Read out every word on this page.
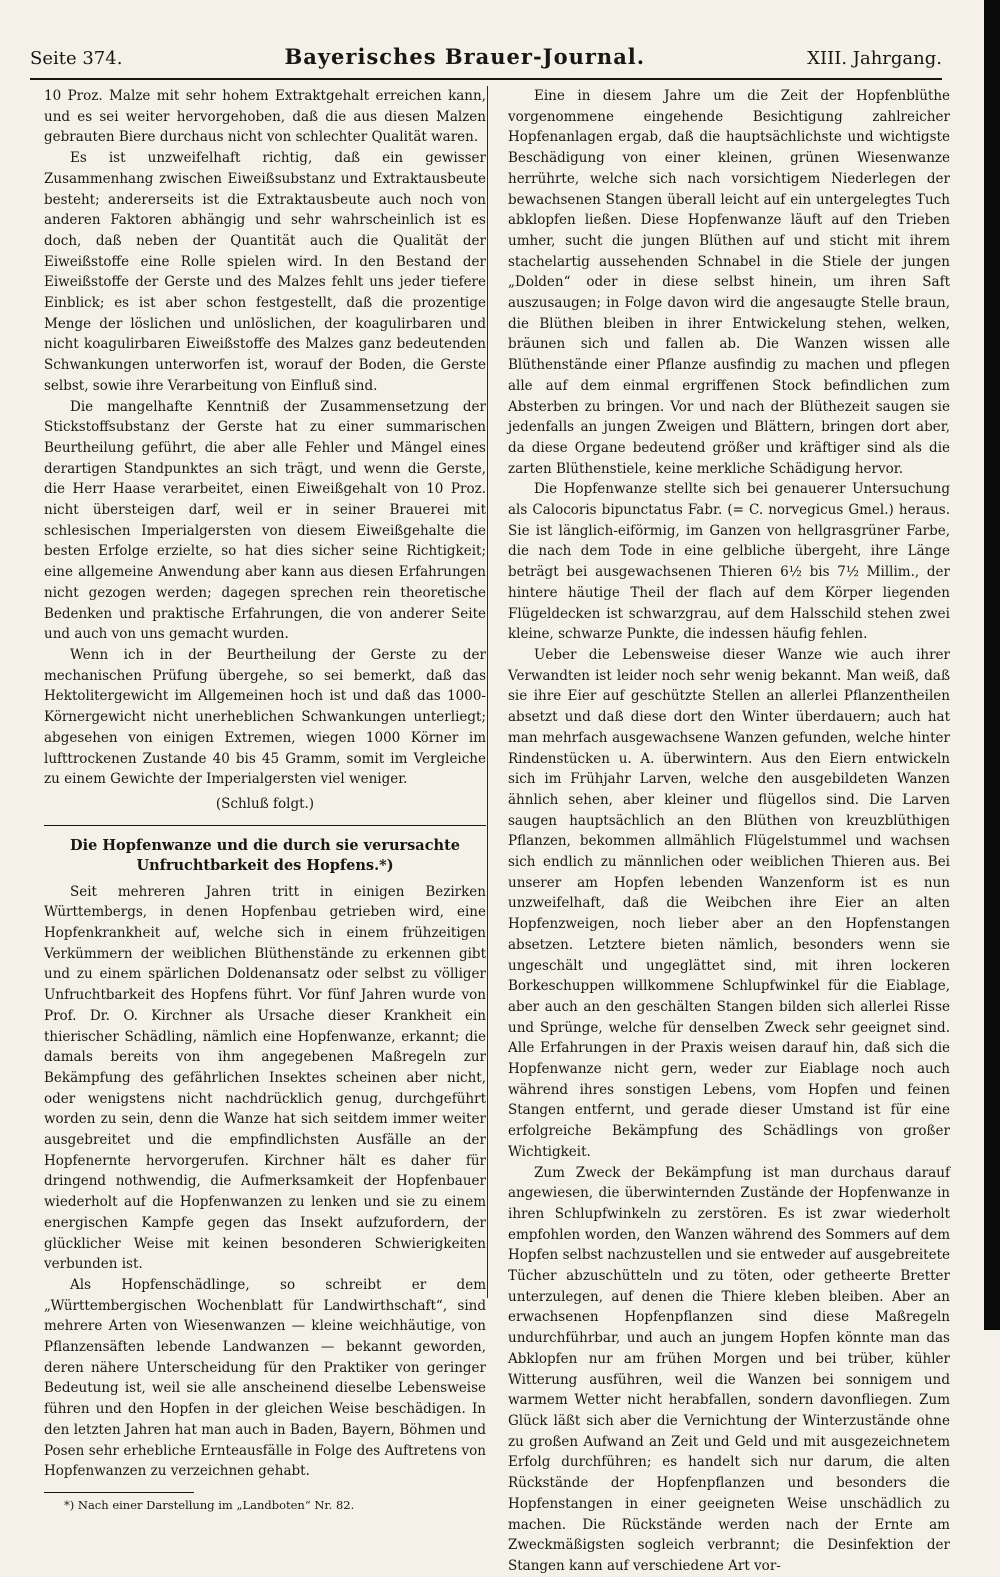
Seite 374.	Bayerisches Brauer-Journal.	XIII. Jahrgang.

10 Proz. Malze mit sehr hohem Extraktgehalt erreichen kann, und es sei weiter hervorgehoben, daß die aus diesen Malzen gebrauten Biere durchaus nicht von schlechter Qualität waren.

Es ist unzweifelhaft richtig, daß ein gewisser Zusammenhang zwischen Eiweißsubstanz und Extraktausbeute besteht; andererseits ist die Extraktausbeute auch noch von anderen Faktoren abhängig und sehr wahrscheinlich ist es doch, daß neben der Quantität auch die Qualität der Eiweißstoffe eine Rolle spielen wird. In den Bestand der Eiweißstoffe der Gerste und des Malzes fehlt uns jeder tiefere Einblick; es ist aber schon festgestellt, daß die prozentige Menge der löslichen und unlöslichen, der koagulirbaren und nicht koagulirbaren Eiweißstoffe des Malzes ganz bedeutenden Schwankungen unterworfen ist, worauf der Boden, die Gerste selbst, sowie ihre Verarbeitung von Einfluß sind.

Die mangelhafte Kenntniß der Zusammensetzung der Stickstoffsubstanz der Gerste hat zu einer summarischen Beurtheilung geführt, die aber alle Fehler und Mängel eines derartigen Standpunktes an sich trägt, und wenn die Gerste, die Herr Haase verarbeitet, einen Eiweißgehalt von 10 Proz. nicht übersteigen darf, weil er in seiner Brauerei mit schlesischen Imperialgersten von diesem Eiweißgehalte die besten Erfolge erzielte, so hat dies sicher seine Richtigkeit; eine allgemeine Anwendung aber kann aus diesen Erfahrungen nicht gezogen werden; dagegen sprechen rein theoretische Bedenken und praktische Erfahrungen, die von anderer Seite und auch von uns gemacht wurden.

Wenn ich in der Beurtheilung der Gerste zu der mechanischen Prüfung übergehe, so sei bemerkt, daß das Hektolitergewicht im Allgemeinen hoch ist und daß das 1000-Körnergewicht nicht unerheblichen Schwankungen unterliegt; abgesehen von einigen Extremen, wiegen 1000 Körner im lufttrockenen Zustande 40 bis 45 Gramm, somit im Vergleiche zu einem Gewichte der Imperialgersten viel weniger.

(Schluß folgt.)

Die Hopfenwanze und die durch sie verursachte Unfruchtbarkeit des Hopfens.*)

Seit mehreren Jahren tritt in einigen Bezirken Württembergs, in denen Hopfenbau getrieben wird, eine Hopfenkrankheit auf, welche sich in einem frühzeitigen Verkümmern der weiblichen Blüthenstände zu erkennen gibt und zu einem spärlichen Doldenansatz oder selbst zu völliger Unfruchtbarkeit des Hopfens führt. Vor fünf Jahren wurde von Prof. Dr. O. Kirchner als Ursache dieser Krankheit ein thierischer Schädling, nämlich eine Hopfenwanze, erkannt; die damals bereits von ihm angegebenen Maßregeln zur Bekämpfung des gefährlichen Insektes scheinen aber nicht, oder wenigstens nicht nachdrücklich genug, durchgeführt worden zu sein, denn die Wanze hat sich seitdem immer weiter ausgebreitet und die empfindlichsten Ausfälle an der Hopfenernte hervorgerufen. Kirchner hält es daher für dringend nothwendig, die Aufmerksamkeit der Hopfenbauer wiederholt auf die Hopfenwanzen zu lenken und sie zu einem energischen Kampfe gegen das Insekt aufzufordern, der glücklicher Weise mit keinen besonderen Schwierigkeiten verbunden ist.

Als Hopfenschädlinge, so schreibt er dem „Württembergischen Wochenblatt für Landwirthschaft“, sind mehrere Arten von Wiesenwanzen — kleine weichhäutige, von Pflanzensäften lebende Landwanzen — bekannt geworden, deren nähere Unterscheidung für den Praktiker von geringer Bedeutung ist, weil sie alle anscheinend dieselbe Lebensweise führen und den Hopfen in der gleichen Weise beschädigen. In den letzten Jahren hat man auch in Baden, Bayern, Böhmen und Posen sehr erhebliche Ernteausfälle in Folge des Auftretens von Hopfenwanzen zu verzeichnen gehabt.

*) Nach einer Darstellung im „Landboten“ Nr. 82.

Eine in diesem Jahre um die Zeit der Hopfenblüthe vorgenommene eingehende Besichtigung zahlreicher Hopfenanlagen ergab, daß die hauptsächlichste und wichtigste Beschädigung von einer kleinen, grünen Wiesenwanze herrührte, welche sich nach vorsichtigem Niederlegen der bewachsenen Stangen überall leicht auf ein untergelegtes Tuch abklopfen ließen. Diese Hopfenwanze läuft auf den Trieben umher, sucht die jungen Blüthen auf und sticht mit ihrem stachelartig aussehenden Schnabel in die Stiele der jungen „Dolden“ oder in diese selbst hinein, um ihren Saft auszusaugen; in Folge davon wird die angesaugte Stelle braun, die Blüthen bleiben in ihrer Entwickelung stehen, welken, bräunen sich und fallen ab. Die Wanzen wissen alle Blüthenstände einer Pflanze ausfindig zu machen und pflegen alle auf dem einmal ergriffenen Stock befindlichen zum Absterben zu bringen. Vor und nach der Blüthezeit saugen sie jedenfalls an jungen Zweigen und Blättern, bringen dort aber, da diese Organe bedeutend größer und kräftiger sind als die zarten Blüthenstiele, keine merkliche Schädigung hervor.

Die Hopfenwanze stellte sich bei genauerer Untersuchung als Calocoris bipunctatus Fabr. (= C. norvegicus Gmel.) heraus. Sie ist länglich-eiförmig, im Ganzen von hellgrasgrüner Farbe, die nach dem Tode in eine gelbliche übergeht, ihre Länge beträgt bei ausgewachsenen Thieren 6½ bis 7½ Millim., der hintere häutige Theil der flach auf dem Körper liegenden Flügeldecken ist schwarzgrau, auf dem Halsschild stehen zwei kleine, schwarze Punkte, die indessen häufig fehlen.

Ueber die Lebensweise dieser Wanze wie auch ihrer Verwandten ist leider noch sehr wenig bekannt. Man weiß, daß sie ihre Eier auf geschützte Stellen an allerlei Pflanzentheilen absetzt und daß diese dort den Winter überdauern; auch hat man mehrfach ausgewachsene Wanzen gefunden, welche hinter Rindenstücken u. A. überwintern. Aus den Eiern entwickeln sich im Frühjahr Larven, welche den ausgebildeten Wanzen ähnlich sehen, aber kleiner und flügellos sind. Die Larven saugen hauptsächlich an den Blüthen von kreuzblüthigen Pflanzen, bekommen allmählich Flügelstummel und wachsen sich endlich zu männlichen oder weiblichen Thieren aus. Bei unserer am Hopfen lebenden Wanzenform ist es nun unzweifelhaft, daß die Weibchen ihre Eier an alten Hopfenzweigen, noch lieber aber an den Hopfenstangen absetzen. Letztere bieten nämlich, besonders wenn sie ungeschält und ungeglättet sind, mit ihren lockeren Borkeschuppen willkommene Schlupfwinkel für die Eiablage, aber auch an den geschälten Stangen bilden sich allerlei Risse und Sprünge, welche für denselben Zweck sehr geeignet sind. Alle Erfahrungen in der Praxis weisen darauf hin, daß sich die Hopfenwanze nicht gern, weder zur Eiablage noch auch während ihres sonstigen Lebens, vom Hopfen und feinen Stangen entfernt, und gerade dieser Umstand ist für eine erfolgreiche Bekämpfung des Schädlings von großer Wichtigkeit.

Zum Zweck der Bekämpfung ist man durchaus darauf angewiesen, die überwinternden Zustände der Hopfenwanze in ihren Schlupfwinkeln zu zerstören. Es ist zwar wiederholt empfohlen worden, den Wanzen während des Sommers auf dem Hopfen selbst nachzustellen und sie entweder auf ausgebreitete Tücher abzuschütteln und zu töten, oder getheerte Bretter unterzulegen, auf denen die Thiere kleben bleiben. Aber an erwachsenen Hopfenpflanzen sind diese Maßregeln undurchführbar, und auch an jungem Hopfen könnte man das Abklopfen nur am frühen Morgen und bei trüber, kühler Witterung ausführen, weil die Wanzen bei sonnigem und warmem Wetter nicht herabfallen, sondern davonfliegen. Zum Glück läßt sich aber die Vernichtung der Winterzustände ohne zu großen Aufwand an Zeit und Geld und mit ausgezeichnetem Erfolg durchführen; es handelt sich nur darum, die alten Rückstände der Hopfenpflanzen und besonders die Hopfenstangen in einer geeigneten Weise unschädlich zu machen. Die Rückstände werden nach der Ernte am Zweckmäßigsten sogleich verbrannt; die Desinfektion der Stangen kann auf verschiedene Art vor-
